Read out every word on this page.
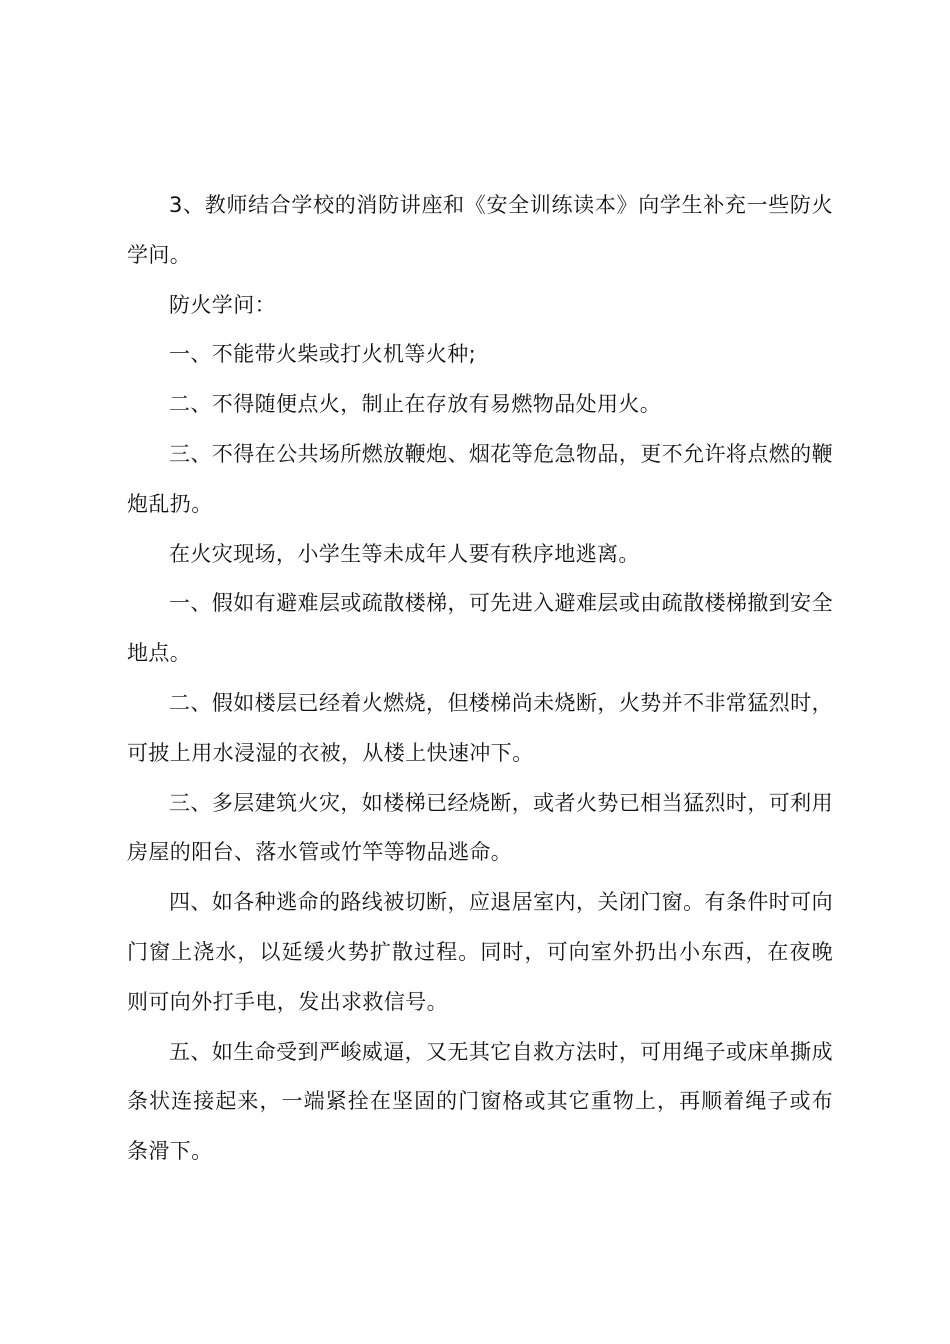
3、教师结合学校的消防讲座和《安全训练读本》向学生补充一些防火学问。

防火学问：

一、不能带火柴或打火机等火种;

二、不得随便点火，制止在存放有易燃物品处用火。

三、不得在公共场所燃放鞭炮、烟花等危急物品，更不允许将点燃的鞭炮乱扔。

在火灾现场，小学生等未成年人要有秩序地逃离。

一、假如有避难层或疏散楼梯，可先进入避难层或由疏散楼梯撤到安全地点。

二、假如楼层已经着火燃烧，但楼梯尚未烧断，火势并不非常猛烈时，可披上用水浸湿的衣被，从楼上快速冲下。

三、多层建筑火灾，如楼梯已经烧断，或者火势已相当猛烈时，可利用房屋的阳台、落水管或竹竿等物品逃命。

四、如各种逃命的路线被切断，应退居室内，关闭门窗。有条件时可向门窗上浇水，以延缓火势扩散过程。同时，可向室外扔出小东西，在夜晚则可向外打手电，发出求救信号。

五、如生命受到严峻威逼，又无其它自救方法时，可用绳子或床单撕成条状连接起来，一端紧拴在坚固的门窗格或其它重物上，再顺着绳子或布条滑下。
